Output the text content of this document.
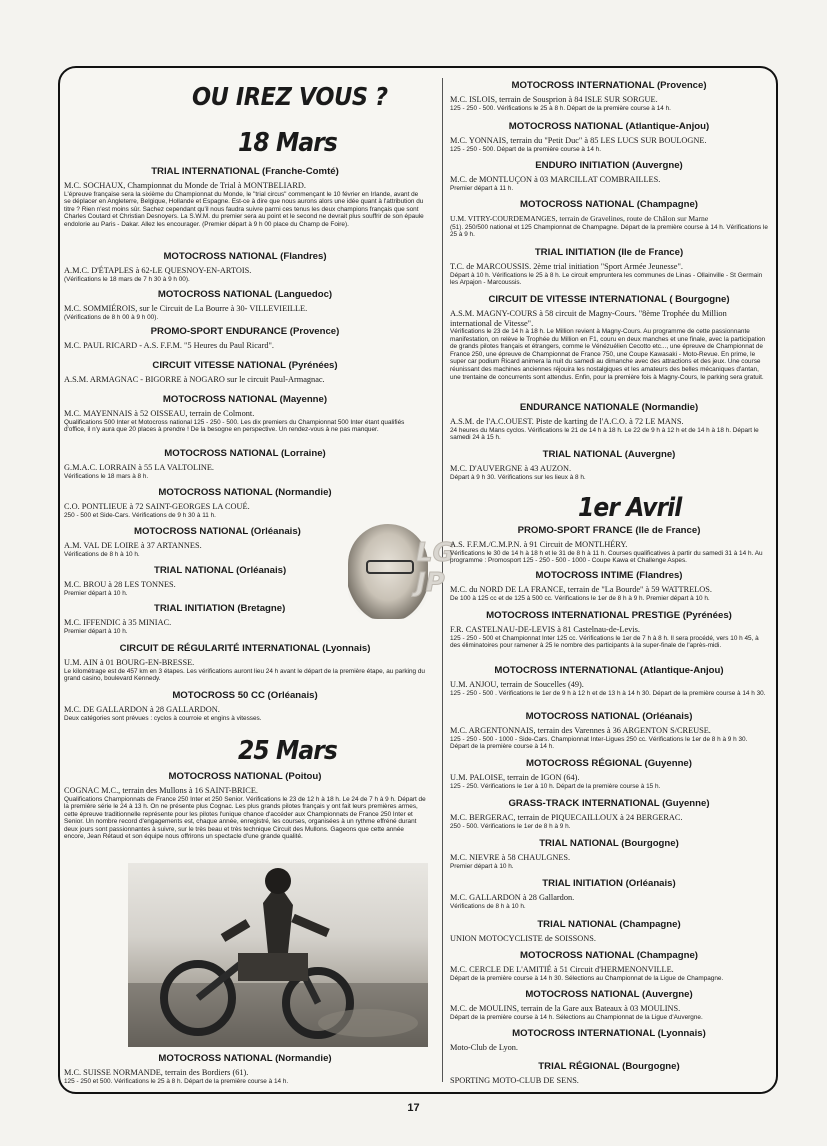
OU IREZ VOUS ?
18 Mars
25 Mars
1er Avril
TRIAL INTERNATIONAL (Franche-Comté)
M.C. SOCHAUX, Championnat du Monde de Trial à MONTBELIARD.
L'épreuve française sera la sixième du Championnat du Monde, le "trial circus" commençant le 10 février en Irlande, avant de se déplacer en Angleterre, Belgique, Hollande et Espagne. Est-ce à dire que nous aurons alors une idée quant à l'attribution du titre ? Rien n'est moins sûr. Sachez cependant qu'il nous faudra suivre parmi ces tenus les deux champions français que sont Charles Coutard et Christian Desnoyers. La S.W.M. du premier sera au point et le second ne devrait plus souffrir de son épaule endolorie au Paris - Dakar. Allez les encourager. (Premier départ à 9 h 00 place du Champ de Foire).
MOTOCROSS NATIONAL (Flandres)
A.M.C. D'ÉTAPLES à 62-LE QUESNOY-EN-ARTOIS.
(Vérifications le 18 mars de 7 h 30 à 9 h 00).
MOTOCROSS NATIONAL (Languedoc)
M.C. SOMMIÉROIS, sur le Circuit de La Bourre à 30- VILLEVIEILLE.
(Vérifications de 8 h 00 à 9 h 00).
PROMO-SPORT ENDURANCE (Provence)
M.C. PAUL RICARD - A.S. F.F.M. "5 Heures du Paul Ricard".
CIRCUIT VITESSE NATIONAL (Pyrénées)
A.S.M. ARMAGNAC - BIGORRE à NOGARO sur le circuit Paul-Armagnac.
MOTOCROSS NATIONAL (Mayenne)
M.C. MAYENNAIS à 52 OISSEAU, terrain de Colmont.
Qualifications 500 Inter et Motocross national 125 - 250 - 500. Les dix premiers du Championnat 500 Inter étant qualifiés d'office, il n'y aura que 20 places à prendre ! De la besogne en perspective. Un rendez-vous à ne pas manquer.
MOTOCROSS NATIONAL (Lorraine)
G.M.A.C. LORRAIN à 55 LA VALTOLINE.
Vérifications le 18 mars à 8 h.
MOTOCROSS NATIONAL (Normandie)
C.O. PONTLIEUE à 72 SAINT-GEORGES LA COUÉ.
250 - 500 et Side-Cars. Vérifications de 9 h 30 à 11 h.
MOTOCROSS NATIONAL (Orléanais)
A.M. VAL DE LOIRE à 37 ARTANNES.
Vérifications de 8 h à 10 h.
TRIAL NATIONAL (Orléanais)
M.C. BROU à 28 LES TONNES.
Premier départ à 10 h.
TRIAL INITIATION (Bretagne)
M.C. IFFENDIC à 35 MINIAC.
Premier départ à 10 h.
CIRCUIT DE RÉGULARITÉ INTERNATIONAL (Lyonnais)
U.M. AIN à 01 BOURG-EN-BRESSE.
Le kilométrage est de 457 km en 3 étapes. Les vérifications auront lieu 24 h avant le départ de la première étape, au parking du grand casino, boulevard Kennedy.
MOTOCROSS 50 CC (Orléanais)
M.C. DE GALLARDON à 28 GALLARDON.
Deux catégories sont prévues : cyclos à courroie et engins à vitesses.
MOTOCROSS NATIONAL (Poitou)
COGNAC M.C., terrain des Mullons à 16 SAINT-BRICE.
Qualifications Championnats de France 250 Inter et 250 Senior. Vérifications le 23 de 12 h à 18 h. Le 24 de 7 h à 9 h. Départ de la première série le 24 à 13 h. On ne présente plus Cognac. Les plus grands pilotes français y ont fait leurs premières armes, cette épreuve traditionnelle représente pour les pilotes l'unique chance d'accéder aux Championnats de France 250 Inter et Senior. Un nombre record d'engagements est, chaque année, enregistré, les courses, organisées à un rythme effréné durant deux jours sont passionnantes à suivre, sur le très beau et très technique Circuit des Mullons. Gageons que cette année encore, Jean Rétaud et son équipe nous offrirons un spectacle d'une grande qualité.
MOTOCROSS NATIONAL (Normandie)
M.C. SUISSE NORMANDE, terrain des Bordiers (61).
125 - 250 et 500. Vérifications le 25 à 8 h. Départ de la première course à 14 h.
LG
JP
MOTOCROSS INTERNATIONAL (Provence)
M.C. ISLOIS, terrain de Sousprion à 84 ISLE SUR SORGUE.
125 - 250 - 500. Vérifications le 25 à 8 h. Départ de la première course à 14 h.
MOTOCROSS NATIONAL (Atlantique-Anjou)
M.C. YONNAIS, terrain du "Petit Duc" à 85 LES LUCS SUR BOULOGNE.
125 - 250 - 500. Départ de la première course à 14 h.
ENDURO INITIATION (Auvergne)
M.C. de MONTLUÇON à 03 MARCILLAT COMBRAILLES.
Premier départ à 11 h.
MOTOCROSS NATIONAL (Champagne)
U.M. VITRY-COURDEMANGES, terrain de Gravelines, route de Châlon sur Marne
(51). 250/500 national et 125 Championnat de Champagne. Départ de la première course à 14 h. Vérifications le 25 à 9 h.
TRIAL INITIATION (Ile de France)
T.C. de MARCOUSSIS. 2ème trial initiation "Sport Armée Jeunesse".
Départ à 10 h. Vérifications le 25 à 8 h. Le circuit empruntera les communes de Linas - Ollainville - St Germain les Arpajon - Marcoussis.
CIRCUIT DE VITESSE INTERNATIONAL ( Bourgogne)
A.S.M. MAGNY-COURS à 58 circuit de Magny-Cours. "8ème Trophée du Million international de Vitesse".
Vérifications le 23 de 14 h à 18 h. Le Million revient à Magny-Cours. Au programme de cette passionnante manifestation, on relève le Trophée du Million en F1, couru en deux manches et une finale, avec la participation de grands pilotes français et étrangers, comme le Vénézuélien Cecotto etc..., une épreuve de Championnat de France 250, une épreuve de Championnat de France 750, une Coupe Kawasaki - Moto-Revue. En prime, le super car podium Ricard animera la nuit du samedi au dimanche avec des attractions et des jeux. Une course réunissant des machines anciennes réjouira les nostalgiques et les amateurs des belles mécaniques d'antan, une trentaine de concurrents sont attendus. Enfin, pour la première fois à Magny-Cours, le parking sera gratuit.
ENDURANCE NATIONALE (Normandie)
A.S.M. de l'A.C.OUEST. Piste de karting de l'A.C.O. à 72 LE MANS.
24 heures du Mans cyclos. Vérifications le 21 de 14 h à 18 h. Le 22 de 9 h à 12 h et de 14 h à 18 h. Départ le samedi 24 à 15 h.
TRIAL NATIONAL (Auvergne)
M.C. D'AUVERGNE à 43 AUZON.
Départ à 9 h 30. Vérifications sur les lieux à 8 h.
PROMO-SPORT FRANCE (Ile de France)
A.S. F.F.M./C.M.P.N. à 91 Circuit de MONTLHÉRY.
Vérifications le 30 de 14 h à 18 h et le 31 de 8 h à 11 h. Courses qualificatives à partir du samedi 31 à 14 h. Au programme : Promosport 125 - 250 - 500 - 1000 - Coupe Kawa et Challenge Aspes.
MOTOCROSS INTIME (Flandres)
M.C. du NORD DE LA FRANCE, terrain de "La Bourde" à 59 WATTRELOS.
De 100 à 125 cc et de 125 à 500 cc. Vérifications le 1er de 8 h à 9 h. Premier départ à 10 h.
MOTOCROSS INTERNATIONAL PRESTIGE (Pyrénées)
F.R. CASTELNAU-DE-LEVIS à 81 Castelnau-de-Levis.
125 - 250 - 500 et Championnat Inter 125 cc. Vérifications le 1er de 7 h à 8 h. Il sera procédé, vers 10 h 45, à des éliminatoires pour ramener à 25 le nombre des participants à la super-finale de l'après-midi.
MOTOCROSS INTERNATIONAL (Atlantique-Anjou)
U.M. ANJOU, terrain de Soucelles (49).
125 - 250 - 500 . Vérifications le 1er de 9 h à 12 h et de 13 h à 14 h 30. Départ de la première course à 14 h 30.
MOTOCROSS NATIONAL (Orléanais)
M.C. ARGENTONNAIS, terrain des Varennes à 36 ARGENTON S/CREUSE.
125 - 250 - 500 - 1000 - Side-Cars. Championnat Inter-Ligues 250 cc. Vérifications le 1er de 8 h à 9 h 30. Départ de la première course à 14 h.
MOTOCROSS RÉGIONAL (Guyenne)
U.M. PALOISE, terrain de IGON (64).
125 - 250. Vérifications le 1er à 10 h. Départ de la première course à 15 h.
GRASS-TRACK INTERNATIONAL (Guyenne)
M.C. BERGERAC, terrain de PIQUECAILLOUX à 24 BERGERAC.
250 - 500. Vérifications le 1er de 8 h à 9 h.
TRIAL NATIONAL (Bourgogne)
M.C. NIEVRE à 58 CHAULGNES.
Premier départ à 10 h.
TRIAL INITIATION (Orléanais)
M.C. GALLARDON à 28 Gallardon.
Vérifications de 8 h à 10 h.
TRIAL NATIONAL (Champagne)
UNION MOTOCYCLISTE de SOISSONS.
MOTOCROSS NATIONAL (Champagne)
M.C. CERCLE DE L'AMITIÉ à 51 Circuit d'HERMENONVILLE.
Départ de la première course à 14 h 30. Sélections au Championnat de la Ligue de Champagne.
MOTOCROSS NATIONAL (Auvergne)
M.C. de MOULINS, terrain de la Gare aux Bateaux à 03 MOULINS.
Départ de la première course à 14 h. Sélections au Championnat de la Ligue d'Auvergne.
MOTOCROSS INTERNATIONAL (Lyonnais)
Moto-Club de Lyon.
TRIAL RÉGIONAL (Bourgogne)
SPORTING MOTO-CLUB DE SENS.
17
